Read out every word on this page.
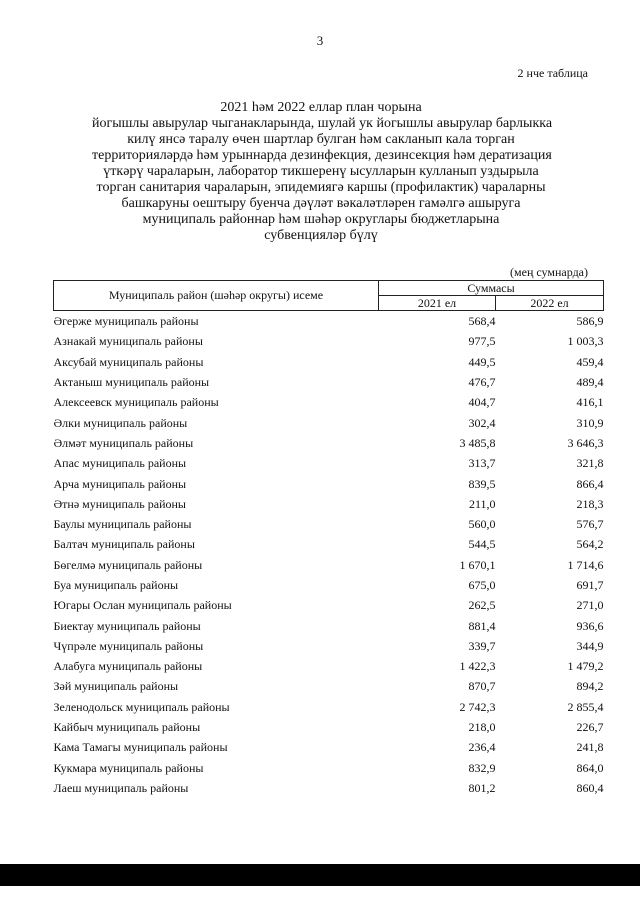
3
2 нче таблица
2021 һәм 2022 еллар план чорына
йогышлы авырулар чыганакларында, шулай ук йогышлы авырулар барлыкка
килү янсә таралу өчен шартлар булган һәм сакланып кала торган
территорияләрдә һәм урыннарда дезинфекция, дезинсекция һәм дератизация
үткәрү чараларын, лаборатор тикшеренү ысулларын кулланып уздырыла
торган санитария чараларын, эпидемиягә каршы (профилактик) чараларны
башкаруны оештыру буенча дәүләт вәкаләтләрен гамәлгә ашыруга
муниципаль районнар һәм шәһәр округлары бюджетларына
субвенцияләр бүлү
(мең сумнарда)
Муниципаль район (шәһәр округы) исеме	Суммасы	
	2021 ел	2022 ел
Әгерже муниципаль районы	568,4	586,9
Азнакай муниципаль районы	977,5	1 003,3
Аксубай муниципаль районы	449,5	459,4
Актаныш муниципаль районы	476,7	489,4
Алексеевск муниципаль районы	404,7	416,1
Әлки муниципаль районы	302,4	310,9
Әлмәт муниципаль районы	3 485,8	3 646,3
Апас муниципаль районы	313,7	321,8
Арча муниципаль районы	839,5	866,4
Әтнә муниципаль районы	211,0	218,3
Баулы муниципаль районы	560,0	576,7
Балтач муниципаль районы	544,5	564,2
Бөгелмә муниципаль районы	1 670,1	1 714,6
Буа муниципаль районы	675,0	691,7
Югары Ослан муниципаль районы	262,5	271,0
Биектау муниципаль районы	881,4	936,6
Чүпрәле муниципаль районы	339,7	344,9
Алабуга муниципаль районы	1 422,3	1 479,2
Зәй муниципаль районы	870,7	894,2
Зеленодольск муниципаль районы	2 742,3	2 855,4
Кайбыч муниципаль районы	218,0	226,7
Кама Тамагы муниципаль районы	236,4	241,8
Кукмара муниципаль районы	832,9	864,0
Лаеш муниципаль районы	801,2	860,4
